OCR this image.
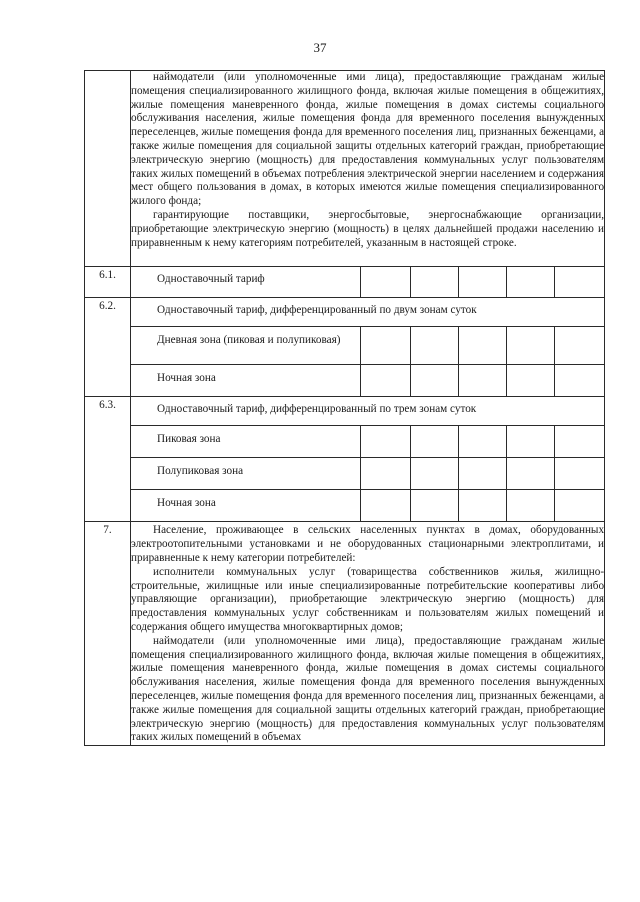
37

	наймодатели (или уполномоченные ими лица), предоставляющие гражданам жилые помещения специализированного жилищного фонда, включая жилые помещения в общежитиях, жилые помещения маневренного фонда, жилые помещения в домах системы социального обслуживания населения, жилые помещения фонда для временного поселения вынужденных переселенцев, жилые помещения фонда для временного поселения лиц, признанных беженцами, а также жилые помещения для социальной защиты отдельных категорий граждан, приобретающие электрическую энергию (мощность) для предоставления коммунальных услуг пользователям таких жилых помещений в объемах потребления электрической энергии населением и содержания мест общего пользования в домах, в которых имеются жилые помещения специализированного жилого фонда;

гарантирующие поставщики, энергосбытовые, энергоснабжающие организации, приобретающие электрическую энергию (мощность) в целях дальнейшей продажи населению и приравненным к нему категориям потребителей, указанным в настоящей строке.					

6.1.	Одноставочный тариф					
6.2.	Одноставочный тариф, дифференцированный по двум зонам суток					
	Дневная зона (пиковая и полупиковая)					
	Ночная зона					
6.3.	Одноставочный тариф, дифференцированный по трем зонам суток					
	Пиковая зона					
	Полупиковая зона					
	Ночная зона					
7.	Население, проживающее в сельских населенных пунктах в домах, оборудованных электроотопительными установками и не оборудованных стационарными электроплитами, и приравненные к нему категории потребителей:

исполнители коммунальных услуг (товарищества собственников жилья, жилищно-строительные, жилищные или иные специализированные потребительские кооперативы либо управляющие организации), приобретающие электрическую энергию (мощность) для предоставления коммунальных услуг собственникам и пользователям жилых помещений и содержания общего имущества многоквартирных домов;

наймодатели (или уполномоченные ими лица), предоставляющие гражданам жилые помещения специализированного жилищного фонда, включая жилые помещения в общежитиях, жилые помещения маневренного фонда, жилые помещения в домах системы социального обслуживания населения, жилые помещения фонда для временного поселения вынужденных переселенцев, жилые помещения фонда для временного поселения лиц, признанных беженцами, а также жилые помещения для социальной защиты отдельных категорий граждан, приобретающие электрическую энергию (мощность) для предоставления коммунальных услуг пользователям таких жилых помещений в объемах					
